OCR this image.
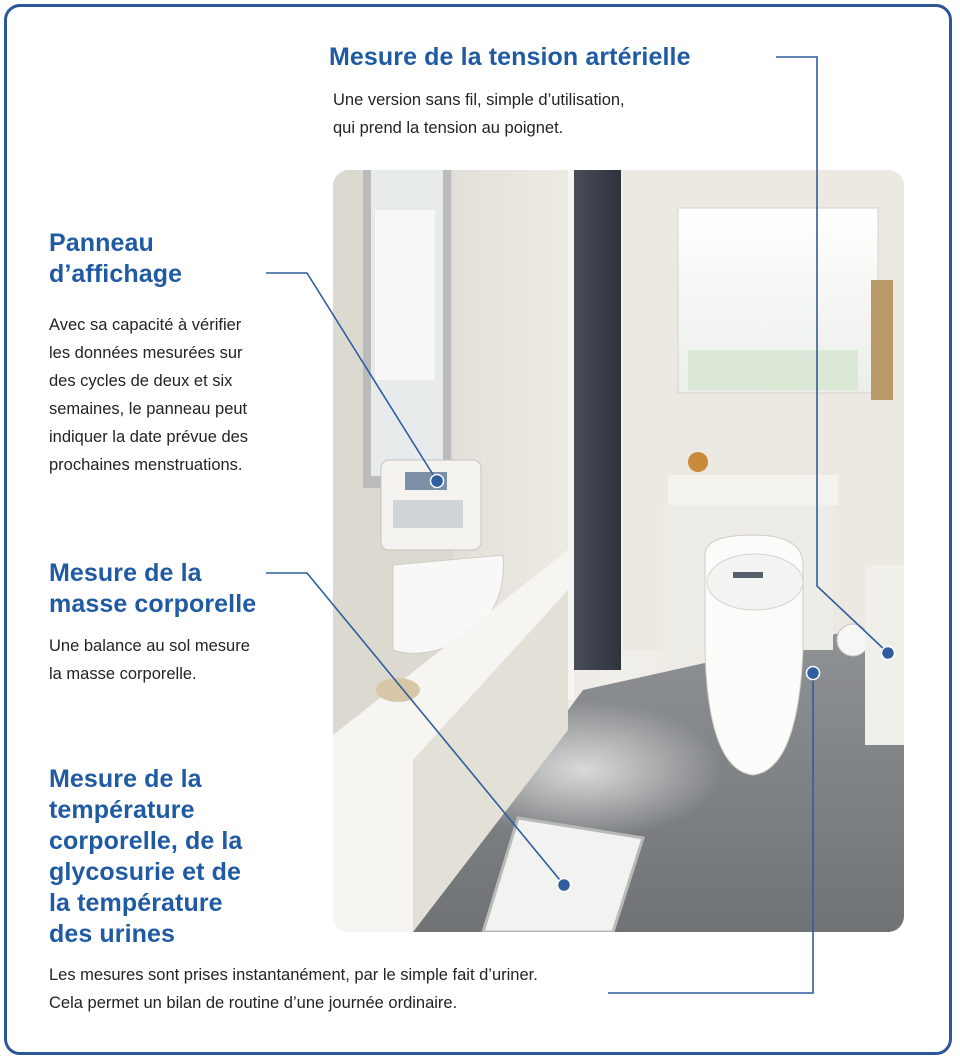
Mesure de la tension artérielle

Une version sans fil, simple d’utilisation,
qui prend la tension au poignet.

Panneau
d’affichage

Avec sa capacité à vérifier
les données mesurées sur
des cycles de deux et six
semaines, le panneau peut
indiquer la date prévue des
prochaines menstruations.

Mesure de la
masse corporelle

Une balance au sol mesure
la masse corporelle.

Mesure de la
température
corporelle, de la
glycosurie et de
la température
des urines

Les mesures sont prises instantanément, par le simple fait d’uriner.
Cela permet un bilan de routine d’une journée ordinaire.
